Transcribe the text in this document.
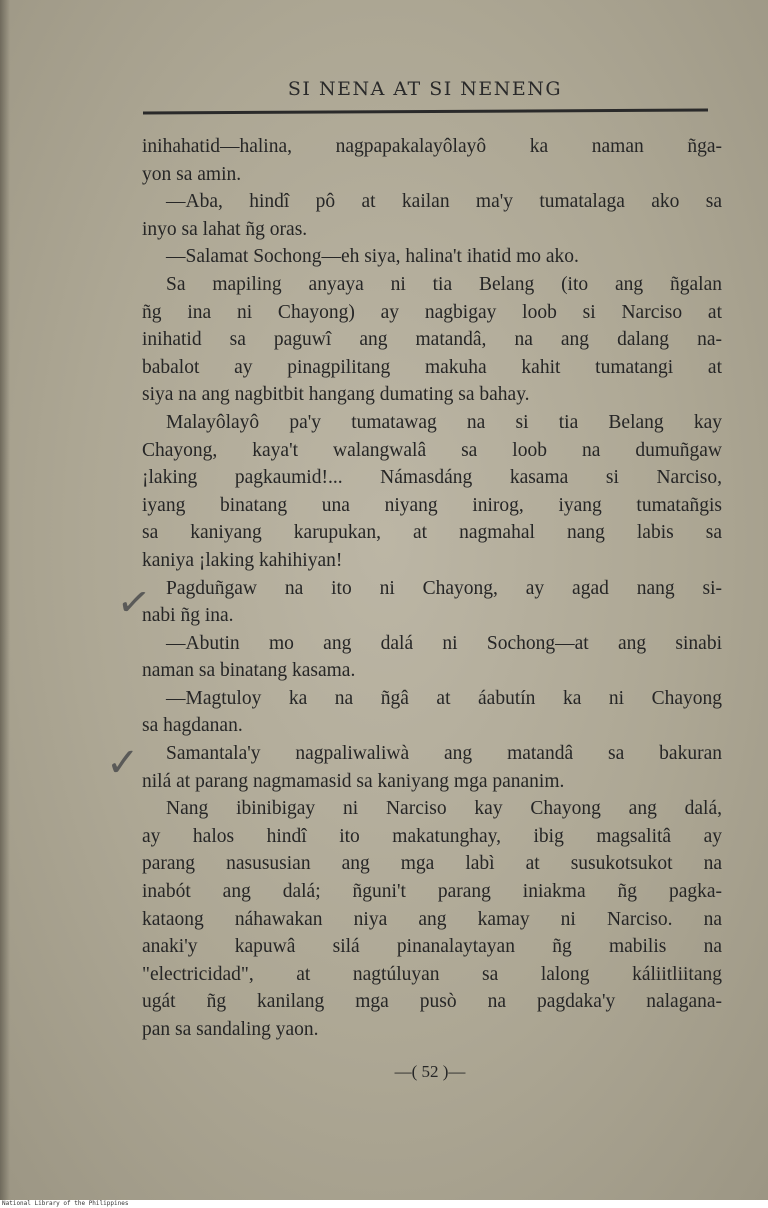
SI NENA AT SI NENENG
inihahatid—halina, nagpapakalayôlayô ka naman ñga-
yon sa amin.
—Aba, hindî pô at kailan ma'y tumatalaga ako sa
inyo sa lahat ñg oras.
—Salamat Sochong—eh siya, halina't ihatid mo ako.
Sa mapiling anyaya ni tia Belang (ito ang ñgalan
ñg ina ni Chayong) ay nagbigay loob si Narciso at
inihatid sa paguwî ang matandâ, na ang dalang na-
babalot ay pinagpilitang makuha kahit tumatangi at
siya na ang nagbitbit hangang dumating sa bahay.
Malayôlayô pa'y tumatawag na si tia Belang kay
Chayong, kaya't walangwalâ sa loob na dumuñgaw
¡laking pagkaumid!... Námasdáng kasama si Narciso,
iyang binatang una niyang inirog, iyang tumatañgis
sa kaniyang karupukan, at nagmahal nang labis sa
kaniya ¡laking kahihiyan!
Pagduñgaw na ito ni Chayong, ay agad nang si-
nabi ñg ina.
—Abutin mo ang dalá ni Sochong—at ang sinabi
naman sa binatang kasama.
—Magtuloy ka na ñgâ at áabutín ka ni Chayong
sa hagdanan.
Samantala'y nagpaliwaliwà ang matandâ sa bakuran
nilá at parang nagmamasid sa kaniyang mga pananim.
Nang ibinibigay ni Narciso kay Chayong ang dalá,
ay halos hindî ito makatunghay, ibig magsalitâ ay
parang nasususian ang mga labì at susukotsukot na
inabót ang dalá; ñguni't parang iniakma ñg pagka-
kataong náhawakan niya ang kamay ni Narciso. na
anaki'y kapuwâ silá pinanalaytayan ñg mabilis na
"electricidad", at nagtúluyan sa lalong káliitliitang
ugát ñg kanilang mga pusò na pagdaka'y nalagana-
pan sa sandaling yaon.
✓
✓
—( 52 )—
National Library of the Philippines
